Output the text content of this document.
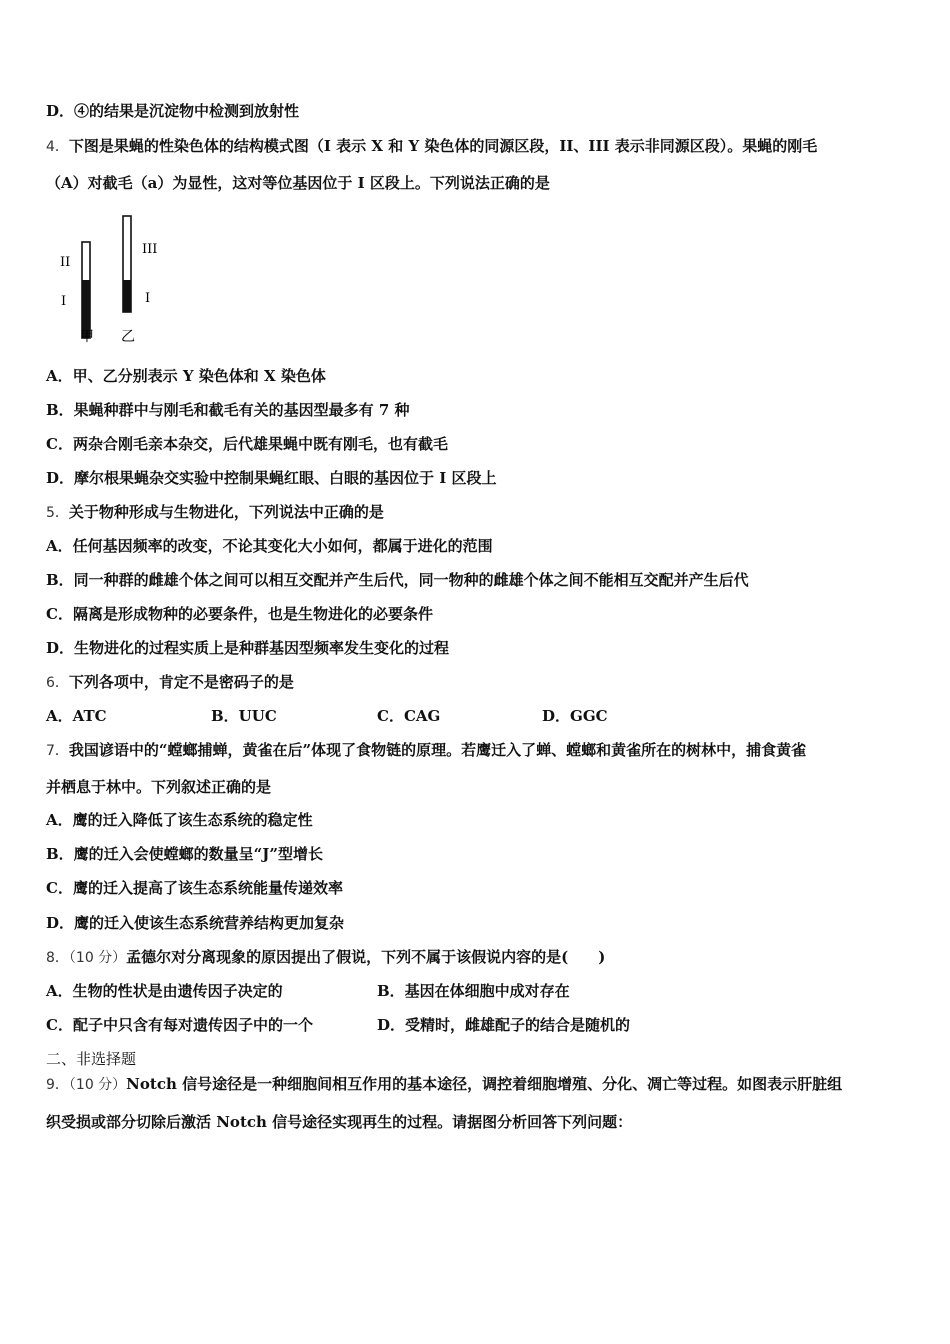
D．④的结果是沉淀物中检测到放射性
4．下图是果蝇的性染色体的结构模式图（I 表示 X 和 Y 染色体的同源区段，II、III 表示非同源区段）。果蝇的刚毛
（A）对截毛（a）为显性，这对等位基因位于 I 区段上。下列说法正确的是
II
I
III
I
甲 乙
A．甲、乙分别表示 Y 染色体和 X 染色体
B．果蝇种群中与刚毛和截毛有关的基因型最多有 7 种
C．两杂合刚毛亲本杂交，后代雄果蝇中既有刚毛，也有截毛
D．摩尔根果蝇杂交实验中控制果蝇红眼、白眼的基因位于 I 区段上
5．关于物种形成与生物进化，下列说法中正确的是
A．任何基因频率的改变，不论其变化大小如何，都属于进化的范围
B．同一种群的雌雄个体之间可以相互交配并产生后代，同一物种的雌雄个体之间不能相互交配并产生后代
C．隔离是形成物种的必要条件，也是生物进化的必要条件
D．生物进化的过程实质上是种群基因型频率发生变化的过程
6．下列各项中，肯定不是密码子的是
A．ATC	B．UUC	C．CAG	D．GGC
7．我国谚语中的“螳螂捕蝉，黄雀在后”体现了食物链的原理。若鹰迁入了蝉、螳螂和黄雀所在的树林中，捕食黄雀
并栖息于林中。下列叙述正确的是
A．鹰的迁入降低了该生态系统的稳定性
B．鹰的迁入会使螳螂的数量呈“J”型增长
C．鹰的迁入提高了该生态系统能量传递效率
D．鹰的迁入使该生态系统营养结构更加复杂
8．（10 分）孟德尔对分离现象的原因提出了假说，下列不属于该假说内容的是(　　)
A．生物的性状是由遗传因子决定的	B．基因在体细胞中成对存在
C．配子中只含有每对遗传因子中的一个	D．受精时，雌雄配子的结合是随机的
二、非选择题
9．（10 分）Notch 信号途径是一种细胞间相互作用的基本途径，调控着细胞增殖、分化、凋亡等过程。如图表示肝脏组
织受损或部分切除后激活 Notch 信号途径实现再生的过程。请据图分析回答下列问题：
